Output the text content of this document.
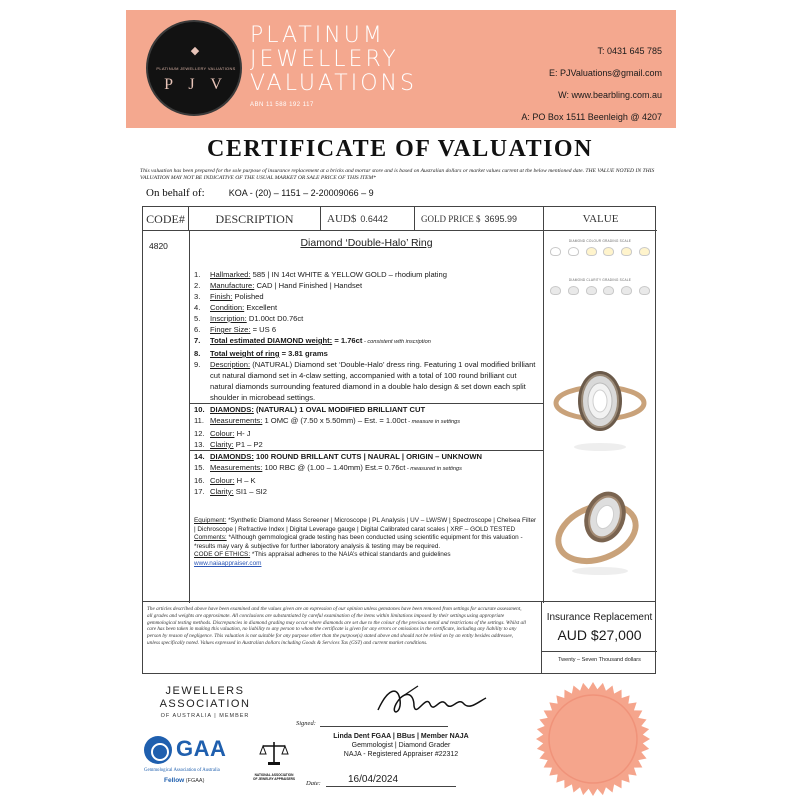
◆
PLATINUM JEWELLERY VALUATIONS
P J V
PLATINUM
JEWELLERY
VALUATIONS
ABN 11 588 192 117
T: 0431 645 785
E: PJValuations@gmail.com
W: www.bearbling.com.au
A: PO Box 1511 Beenleigh @ 4207
CERTIFICATE OF VALUATION
This valuation has been prepared for the sole purpose of insurance replacement at a bricks and mortar store and is based on Australian dollars or market values current at the below mentioned date. THE VALUE NOTED IN THIS VALUATION MAY NOT BE INDICATIVE OF THE USUAL MARKET OR SALE PRICE OF THIS ITEM*
On behalf of:	KOA - (20) – 1151 – 2-20009066 – 9
CODE#	DESCRIPTION	AUD$ 0.6442	GOLD PRICE $ 3695.99	VALUE
4820	Diamond ‘Double-Halo’ Ring
1. Hallmarked: 585 | IN 14ct WHITE & YELLOW GOLD – rhodium plating
2. Manufacture: CAD | Hand Finished | Handset
3. Finish: Polished
4. Condition: Excellent
5. Inscription: D1.00ct D0.76ct
6. Finger Size: = US 6
7. Total estimated DIAMOND weight: = 1.76ct - consistent with inscription
8. Total weight of ring = 3.81 grams
9. Description: (NATURAL) Diamond set ‘Double-Halo’ dress ring. Featuring 1 oval modified brilliant cut natural diamond set in 4-claw setting, accompanied with a total of 100 round brilliant cut natural diamonds surrounding featured diamond in a double halo design & set down each split shoulder in microbead settings.
10. DIAMONDS: (NATURAL) 1 OVAL MODIFIED BRILLIANT CUT
11. Measurements: 1 OMC @ (7.50 x 5.50mm) – Est. = 1.00ct - measure in settings
12. Colour: H- J
13. Clarity: P1 – P2
14. DIAMONDS: 100 ROUND BRILLANT CUTS | NAURAL | ORIGIN – UNKNOWN
15. Measurements: 100 RBC @ (1.00 – 1.40mm) Est.= 0.76ct - measured in settings
16. Colour: H – K
17. Clarity: SI1 – SI2
Equipment: *Synthetic Diamond Mass Screener | Microscope | PL Analysis | UV – LW/SW | Spectroscope | Chelsea Filter | Dichroscope | Refractive Index | Digital Leverage gauge | Digital Calibrated carat scales | XRF – GOLD TESTED
Comments: *Although gemmological grade testing has been conducted using scientific equipment for this valuation - *results may vary & subjective for further laboratory analysis & testing may be required.
CODE OF ETHICS: *This appraisal adheres to the NAIA’s ethical standards and guidelines
www.naiaappraiser.com
DIAMOND COLOUR GRADING SCALE
DIAMOND CLARITY GRADING SCALE
The articles described above have been examined and the values given are an expression of our opinion unless gemstones have been removed from settings for accurate assessment, all grades and weights are approximate. All conclusions are substantiated by careful examination of the items within limitations imposed by their settings using appropriate gemmological testing methods. Discrepancies in diamond grading may occur where diamonds are set due to the colour of the precious metal and restrictions of the settings. Whilst all care has been taken in making this valuation, no liability to any person to whom the certificate is given for any errors or omissions in the certificate, including any liability to any person by reason of negligence. This valuation is not suitable for any purpose other than the purpose(s) stated above and should not be relied on by an entity besides addressee, unless specifically noted. Values expressed in Australian dollars including Goods & Services Tax (GST) and current market conditions.
Insurance Replacement
AUD $27,000
Twenty – Seven Thousand dollars
JEWELLERS
ASSOCIATION
OF AUSTRALIA | MEMBER
GAA
Gemmological Association of Australia
Fellow (FGAA)
NATIONAL ASSOCIATION OF JEWELRY APPRAISERS
Signed:
Linda Dent FGAA | BBus | Member NAJA
Gemmologist | Diamond Grader
NAJA - Registered Appraiser #22312
Date:	16/04/2024
